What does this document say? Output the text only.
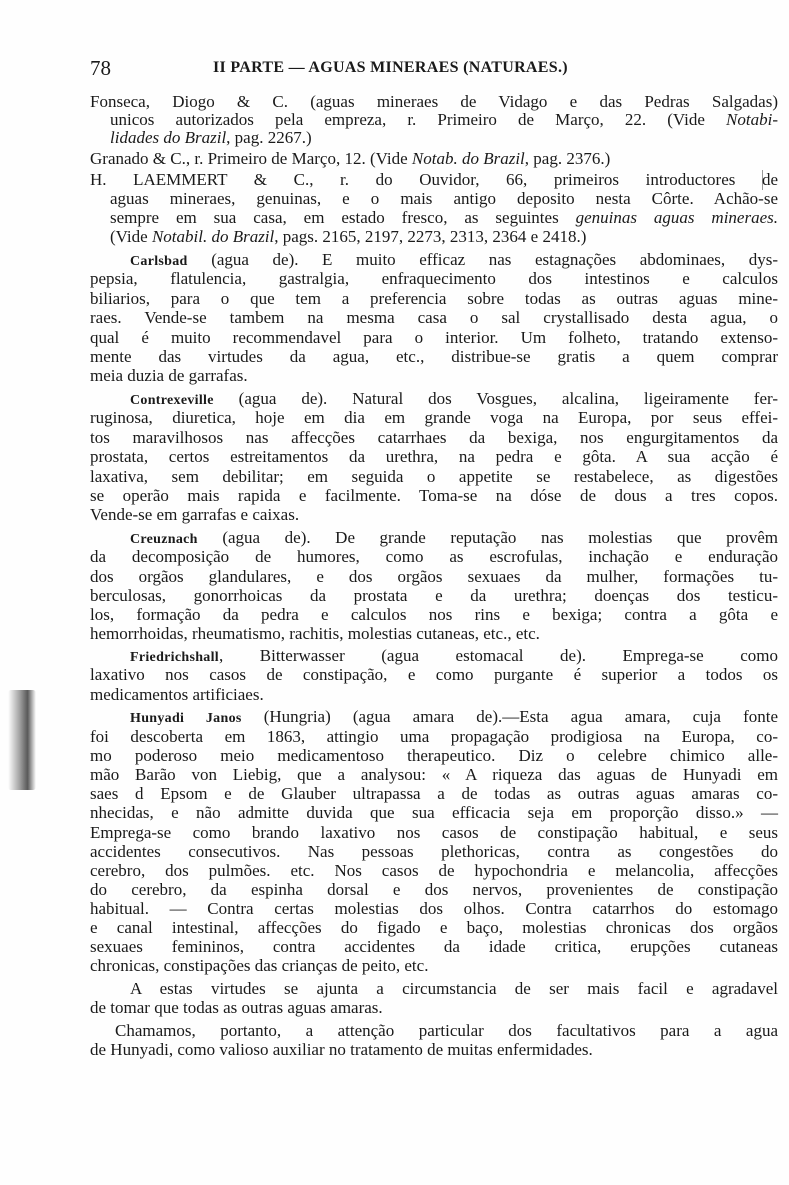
78	II PARTE — AGUAS MINERAES (NATURAES.)
Fonseca, Diogo & C. (aguas mineraes de Vidago e das Pedras Salgadas)
unicos autorizados pela empreza, r. Primeiro de Março, 22. (Vide Notabi-
lidades do Brazil, pag. 2267.)
Granado & C., r. Primeiro de Março, 12. (Vide Notab. do Brazil, pag. 2376.)
H. LAEMMERT & C., r. do Ouvidor, 66, primeiros introductores de
aguas mineraes, genuinas, e o mais antigo deposito nesta Côrte. Achão-se
sempre em sua casa, em estado fresco, as seguintes genuinas aguas mineraes.
(Vide Notabil. do Brazil, pags. 2165, 2197, 2273, 2313, 2364 e 2418.)
Carlsbad (agua de). E muito efficaz nas estagnações abdominaes, dys-
pepsia, flatulencia, gastralgia, enfraquecimento dos intestinos e calculos
biliarios, para o que tem a preferencia sobre todas as outras aguas mine-
raes. Vende-se tambem na mesma casa o sal crystallisado desta agua, o
qual é muito recommendavel para o interior. Um folheto, tratando extenso-
mente das virtudes da agua, etc., distribue-se gratis a quem comprar
meia duzia de garrafas.
Contrexeville (agua de). Natural dos Vosgues, alcalina, ligeiramente fer-
ruginosa, diuretica, hoje em dia em grande voga na Europa, por seus effei-
tos maravilhosos nas affecções catarrhaes da bexiga, nos engurgitamentos da
prostata, certos estreitamentos da urethra, na pedra e gôta. A sua acção é
laxativa, sem debilitar; em seguida o appetite se restabelece, as digestões
se operão mais rapida e facilmente. Toma-se na dóse de dous a tres copos.
Vende-se em garrafas e caixas.
Creuznach (agua de). De grande reputação nas molestias que provêm
da decomposição de humores, como as escrofulas, inchação e enduração
dos orgãos glandulares, e dos orgãos sexuaes da mulher, formações tu-
berculosas, gonorrhoicas da prostata e da urethra; doenças dos testicu-
los, formação da pedra e calculos nos rins e bexiga; contra a gôta e
hemorrhoidas, rheumatismo, rachitis, molestias cutaneas, etc., etc.
Friedrichshall, Bitterwasser (agua estomacal de). Emprega-se como
laxativo nos casos de constipação, e como purgante é superior a todos os
medicamentos artificiaes.
Hunyadi Janos (Hungria) (agua amara de).—Esta agua amara, cuja fonte
foi descoberta em 1863, attingio uma propagação prodigiosa na Europa, co-
mo poderoso meio medicamentoso therapeutico. Diz o celebre chimico alle-
mão Barão von Liebig, que a analysou: « A riqueza das aguas de Hunyadi em
saes d Epsom e de Glauber ultrapassa a de todas as outras aguas amaras co-
nhecidas, e não admitte duvida que sua efficacia seja em proporção disso.» —
Emprega-se como brando laxativo nos casos de constipação habitual, e seus
accidentes consecutivos. Nas pessoas plethoricas, contra as congestões do
cerebro, dos pulmões. etc. Nos casos de hypochondria e melancolia, affecções
do cerebro, da espinha dorsal e dos nervos, provenientes de constipação
habitual. — Contra certas molestias dos olhos. Contra catarrhos do estomago
e canal intestinal, affecções do figado e baço, molestias chronicas dos orgãos
sexuaes femininos, contra accidentes da idade critica, erupções cutaneas
chronicas, constipações das crianças de peito, etc.
A estas virtudes se ajunta a circumstancia de ser mais facil e agradavel
de tomar que todas as outras aguas amaras.
Chamamos, portanto, a attenção particular dos facultativos para a agua
de Hunyadi, como valioso auxiliar no tratamento de muitas enfermidades.
